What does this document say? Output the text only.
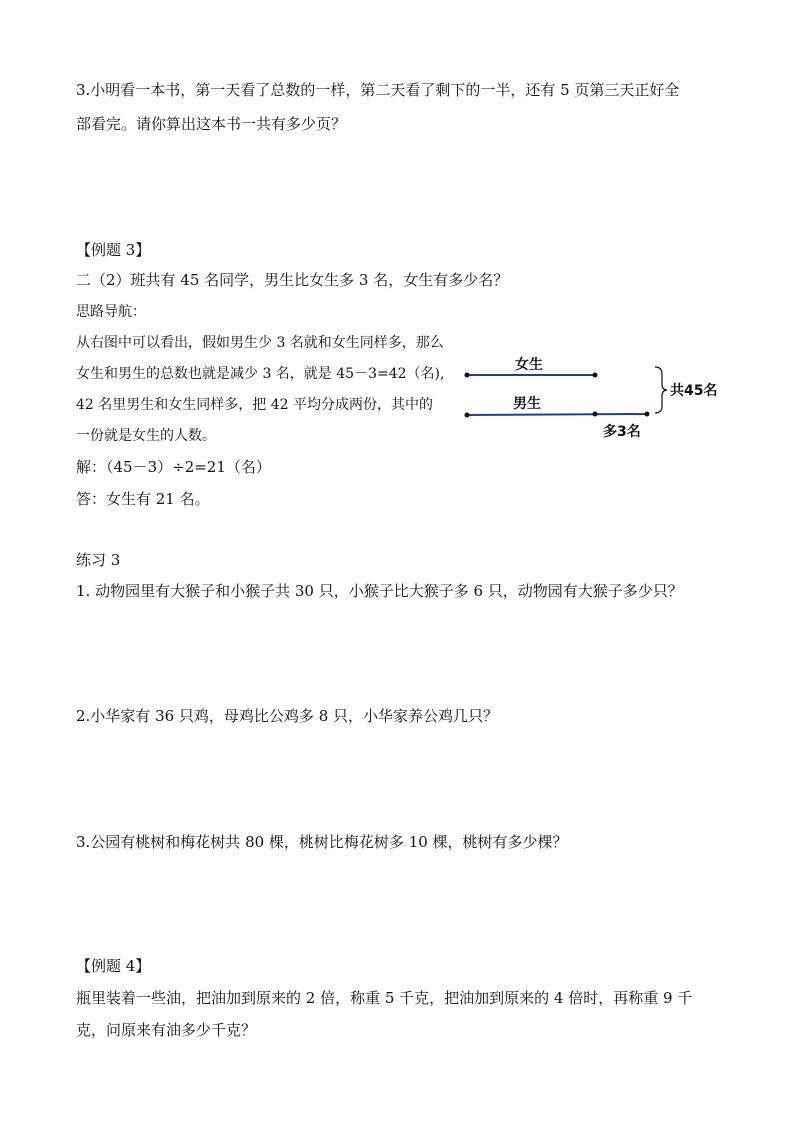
3.小明看一本书，第一天看了总数的一样，第二天看了剩下的一半，还有 5 页第三天正好全
部看完。请你算出这本书一共有多少页？
【例题 3】
二（2）班共有 45 名同学，男生比女生多 3 名，女生有多少名？
思路导航：
从右图中可以看出，假如男生少 3 名就和女生同样多，那么
女生和男生的总数也就是减少 3 名，就是 45－3=42（名),
42 名里男生和女生同样多，把 42 平均分成两份，其中的
一份就是女生的人数。
解：（45－3）÷2=21（名）
答：女生有 21 名。
女生
男生
共45名
多3名
练习 3
1. 动物园里有大猴子和小猴子共 30 只，小猴子比大猴子多 6 只，动物园有大猴子多少只？
2.小华家有 36 只鸡，母鸡比公鸡多 8 只，小华家养公鸡几只？
3.公园有桃树和梅花树共 80 棵，桃树比梅花树多 10 棵，桃树有多少棵？
【例题 4】
瓶里装着一些油，把油加到原来的 2 倍，称重 5 千克，把油加到原来的 4 倍时，再称重 9 千
克，问原来有油多少千克？
